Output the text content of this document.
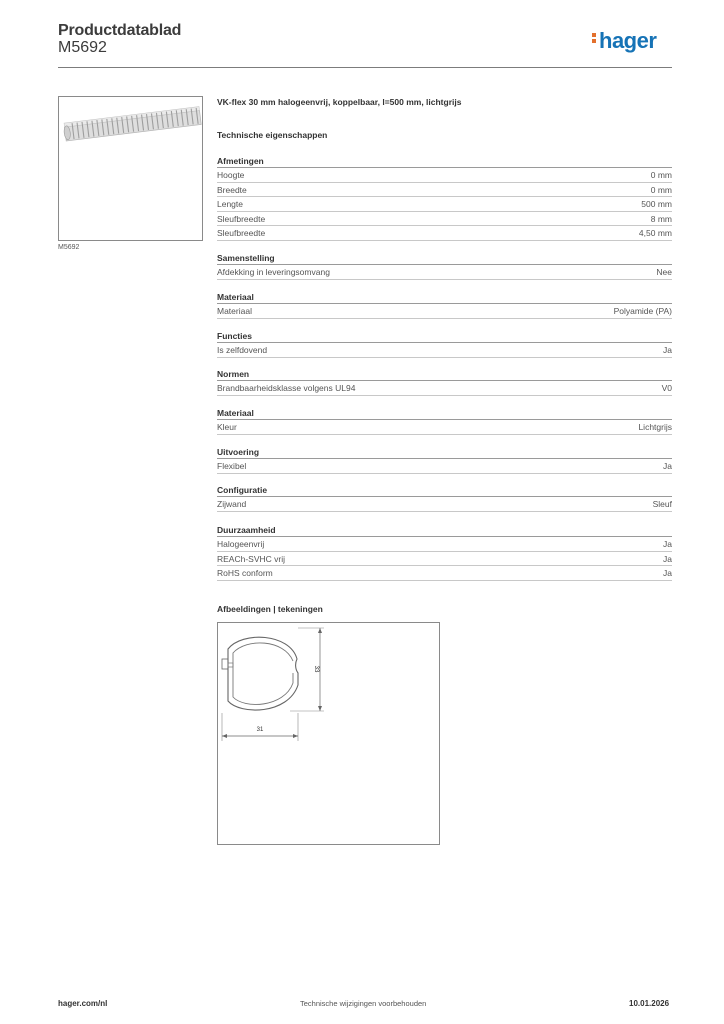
Productdatablad
M5692	hager
M5692
VK-flex 30 mm halogeenvrij, koppelbaar, l=500 mm, lichtgrijs
Technische eigenschappen
Afmetingen
Hoogte	0 mm
Breedte	0 mm
Lengte	500 mm
Sleufbreedte	8 mm
Sleufbreedte	4,50 mm
Samenstelling
Afdekking in leveringsomvang	Nee
Materiaal
Materiaal	Polyamide (PA)
Functies
Is zelfdovend	Ja
Normen
Brandbaarheidsklasse volgens UL94	V0
Materiaal
Kleur	Lichtgrijs
Uitvoering
Flexibel	Ja
Configuratie
Zijwand	Sleuf
Duurzaamheid
Halogeenvrij	Ja
REACh-SVHC vrij	Ja
RoHS conform	Ja
Afbeeldingen | tekeningen
33
31
hager.com/nl	Technische wijzigingen voorbehouden	10.01.2026
